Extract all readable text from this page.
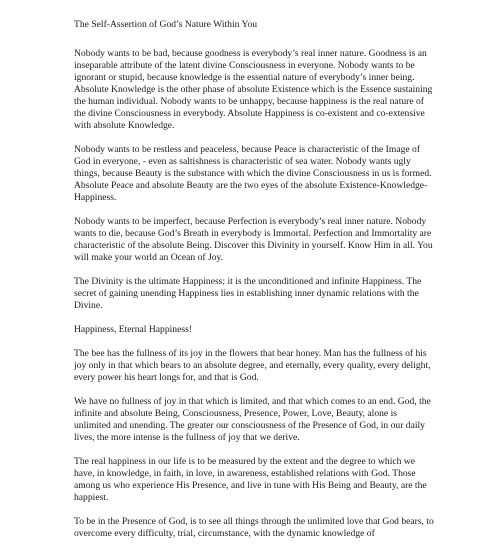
The Self-Assertion of God’s Nature Within You

Nobody wants to be bad, because goodness is everybody’s real inner nature. Goodness is an inseparable attribute of the latent divine Consciousness in everyone. Nobody wants to be ignorant or stupid, because knowledge is the essential nature of everybody’s inner being. Absolute Knowledge is the other phase of absolute Existence which is the Essence sustaining the human individual. Nobody wants to be unhappy, because happiness is the real nature of the divine Consciousness in everybody. Absolute Happiness is co-existent and co-extensive with absolute Knowledge.

Nobody wants to be restless and peaceless, because Peace is characteristic of the Image of God in everyone, - even as saltishness is characteristic of sea water. Nobody wants ugly things, because Beauty is the substance with which the divine Consciousness in us is formed. Absolute Peace and absolute Beauty are the two eyes of the absolute Existence-Knowledge-Happiness.

Nobody wants to be imperfect, because Perfection is everybody’s real inner nature. Nobody wants to die, because God’s Breath in everybody is Immortal. Perfection and Immortality are characteristic of the absolute Being. Discover this Divinity in yourself. Know Him in all. You will make your world an Ocean of Joy.

The Divinity is the ultimate Happiness; it is the unconditioned and infinite Happiness. The secret of gaining unending Happiness lies in establishing inner dynamic relations with the Divine.

Happiness, Eternal Happiness!

The bee has the fullness of its joy in the flowers that bear honey. Man has the fullness of his joy only in that which bears to an absolute degree, and eternally, every quality, every delight, every power his heart longs for, and that is God.

We have no fullness of joy in that which is limited, and that which comes to an end. God, the infinite and absolute Being, Consciousness, Presence, Power, Love, Beauty, alone is unlimited and unending. The greater our consciousness of the Presence of God, in our daily lives, the more intense is the fullness of joy that we derive.

The real happiness in our life is to be measured by the extent and the degree to which we have, in knowledge, in faith, in love, in awareness, established relations with God. Those among us who experience His Presence, and live in tune with His Being and Beauty, are the happiest.

To be in the Presence of God, is to see all things through the unlimited love that God bears, to overcome every difficulty, trial, circumstance, with the dynamic knowledge of
